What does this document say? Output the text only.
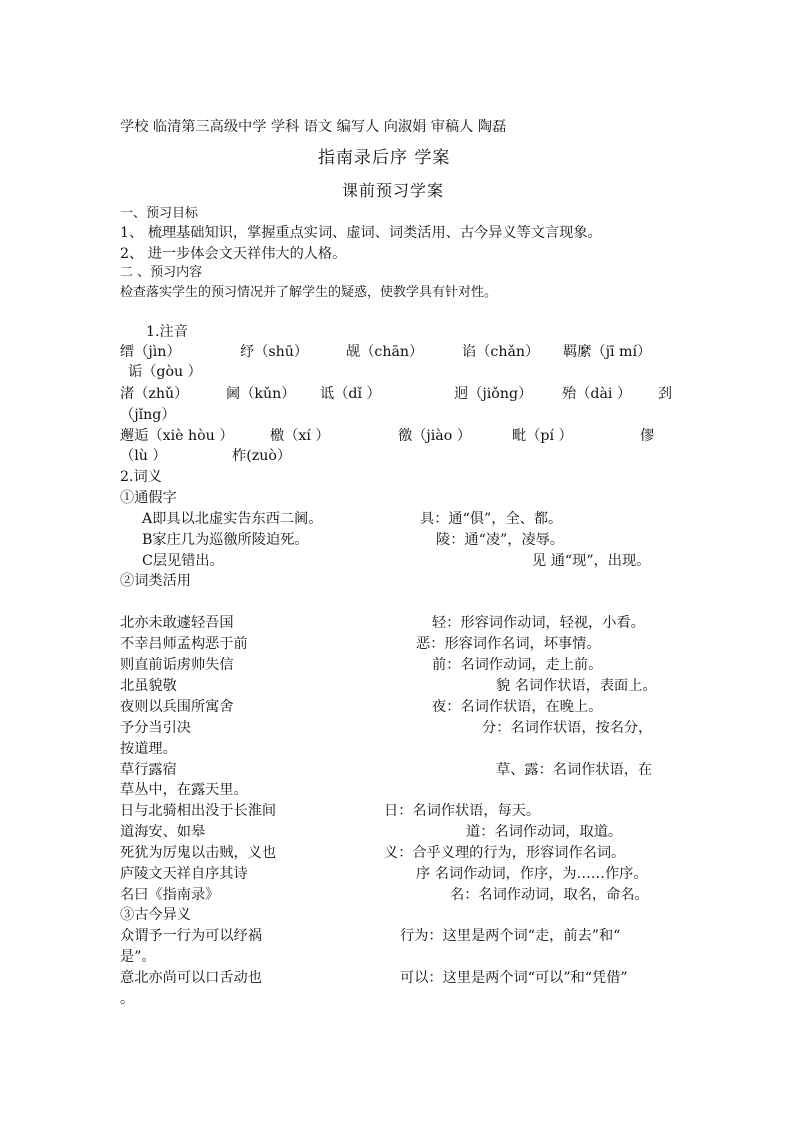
学校 临清第三高级中学 学科 语文 编写人 向淑娟 审稿人 陶磊
指南录后序 学案
课前预习学案
一、预习目标
1、 梳理基础知识，掌握重点实词、虚词、词类活用、古今异义等文言现象。
2、 进一步体会文天祥伟大的人格。
二 、预习内容
检查落实学生的预习情况并了解学生的疑惑，使教学具有针对性。
1.注音
缙（jìn）	纾（shū）	觇（chān）	谄（chǎn） 羁縻（jī mí）
诟（gòu ）
渚（zhǔ）	阃（kǔn） 诋（dǐ ）	迥（jiǒng） 殆（dài ） 刭
（jǐng）
邂逅（xiè hòu ）	檄（xí ）	徼（jiào ）	毗（pí ）	僇
（lù ）	柞(zuò）
2.词义
①通假字
A即具以北虚实告东西二阃。	具：通“俱”，全、都。
B家庄几为巡徼所陵迫死。	陵：通“凌”，凌辱。
C层见错出。	见 通“现”，出现。
②词类活用
北亦未敢遽轻吾国	轻：形容词作动词，轻视，小看。
不幸吕师孟构恶于前	恶：形容词作名词，坏事情。
则直前诟虏帅失信	前：名词作动词，走上前。
北虽貌敬	貌 名词作状语，表面上。
夜则以兵围所寓舍	夜：名词作状语，在晚上。
予分当引决	分：名词作状语，按名分，
按道理。
草行露宿	草、露：名词作状语，在
草丛中，在露天里。
日与北骑相出没于长淮间	日：名词作状语，每天。
道海安、如皋	道：名词作动词，取道。
死犹为厉鬼以击贼，义也	义：合乎义理的行为，形容词作名词。
庐陵文天祥自序其诗	序 名词作动词，作序，为……作序。
名曰《指南录》	名：名词作动词，取名，命名。
③古今异义
众谓予一行为可以纾祸	行为：这里是两个词“走，前去”和“
是”。
意北亦尚可以口舌动也	可以：这里是两个词“可以”和“凭借”
。
